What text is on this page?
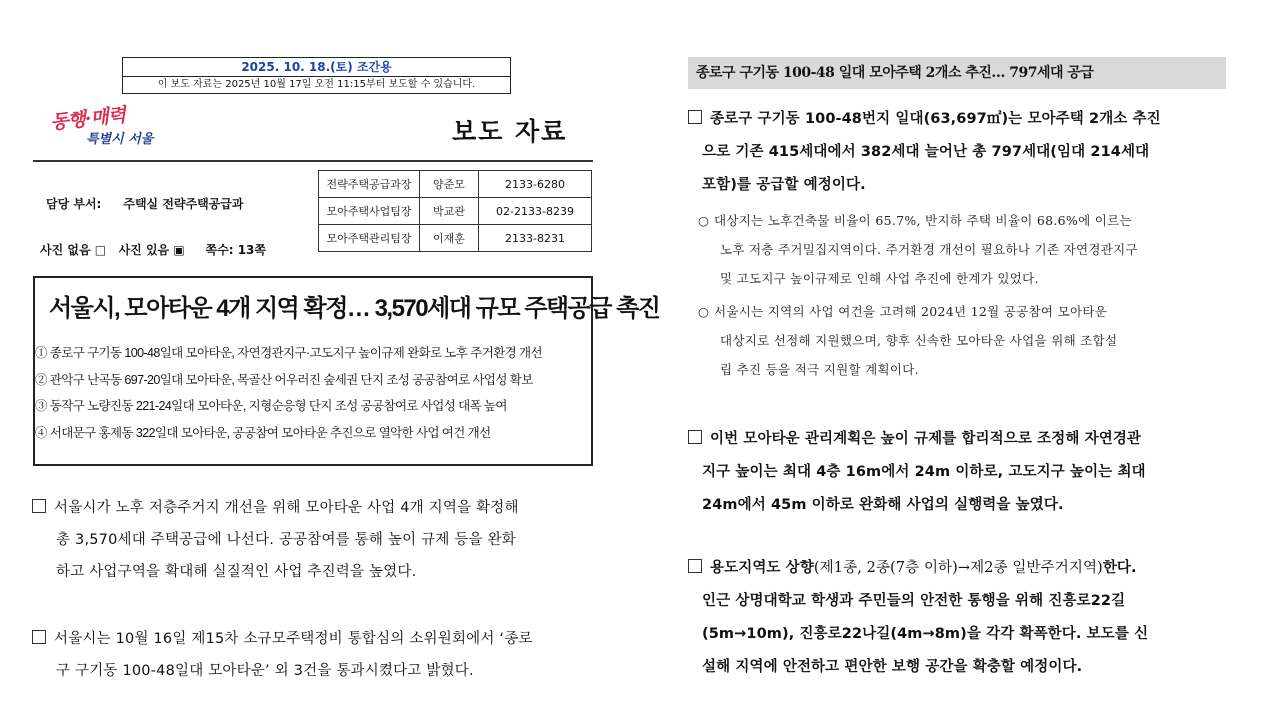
2025. 10. 18.(토) 조간용
이 보도 자료는 2025년 10월 17일 오전 11:15부터 보도할 수 있습니다.
동행·매력
특별시 서울	보도 자료
담당 부서: 주택실 전략주택공급과
사진 없음 □   사진 있음 ▣     쪽수: 13쪽
전략주택공급과장	양준모	2133-6280
모아주택사업팀장	박교관	02-2133-8239
모아주택관리팀장	이재훈	2133-8231
서울시, 모아타운 4개 지역 확정… 3,570세대 규모 주택공급 촉진
① 종로구 구기동 100-48일대 모아타운, 자연경관지구·고도지구 높이규제 완화로 노후 주거환경 개선
② 관악구 난곡동 697-20일대 모아타운, 목골산 어우러진 숲세권 단지 조성 공공참여로 사업성 확보
③ 동작구 노량진동 221-24일대 모아타운, 지형순응형 단지 조성 공공참여로 사업성 대폭 높여
④ 서대문구 홍제동 322일대 모아타운, 공공참여 모아타운 추진으로 열악한 사업 여건 개선
서울시가 노후 저층주거지 개선을 위해 모아타운 사업 4개 지역을 확정해
총 3,570세대 주택공급에 나선다. 공공참여를 통해 높이 규제 등을 완화
하고 사업구역을 확대해 실질적인 사업 추진력을 높였다.
서울시는 10월 16일 제15차 소규모주택정비 통합심의 소위원회에서 ‘종로
구 구기동 100-48일대 모아타운’ 외 3건을 통과시켰다고 밝혔다.
종로구 구기동 100-48 일대 모아주택 2개소 추진… 797세대 공급
종로구 구기동 100-48번지 일대(63,697㎡)는 모아주택 2개소 추진
으로 기존 415세대에서 382세대 늘어난 총 797세대(임대 214세대
포함)를 공급할 예정이다.
○ 대상지는 노후건축물 비율이 65.7%, 반지하 주택 비율이 68.6%에 이르는
노후 저층 주거밀집지역이다. 주거환경 개선이 필요하나 기존 자연경관지구
및 고도지구 높이규제로 인해 사업 추진에 한계가 있었다.
○ 서울시는 지역의 사업 여건을 고려해 2024년 12월 공공참여 모아타운
대상지로 선정해 지원했으며, 향후 신속한 모아타운 사업을 위해 조합설
립 추진 등을 적극 지원할 계획이다.
이번 모아타운 관리계획은 높이 규제를 합리적으로 조정해 자연경관
지구 높이는 최대 4층 16m에서 24m 이하로, 고도지구 높이는 최대
24m에서 45m 이하로 완화해 사업의 실행력을 높였다.
용도지역도 상향(제1종, 2종(7층 이하)→제2종 일반주거지역)한다.
인근 상명대학교 학생과 주민들의 안전한 통행을 위해 진흥로22길
(5m→10m), 진흥로22나길(4m→8m)을 각각 확폭한다. 보도를 신
설해 지역에 안전하고 편안한 보행 공간을 확충할 예정이다.
